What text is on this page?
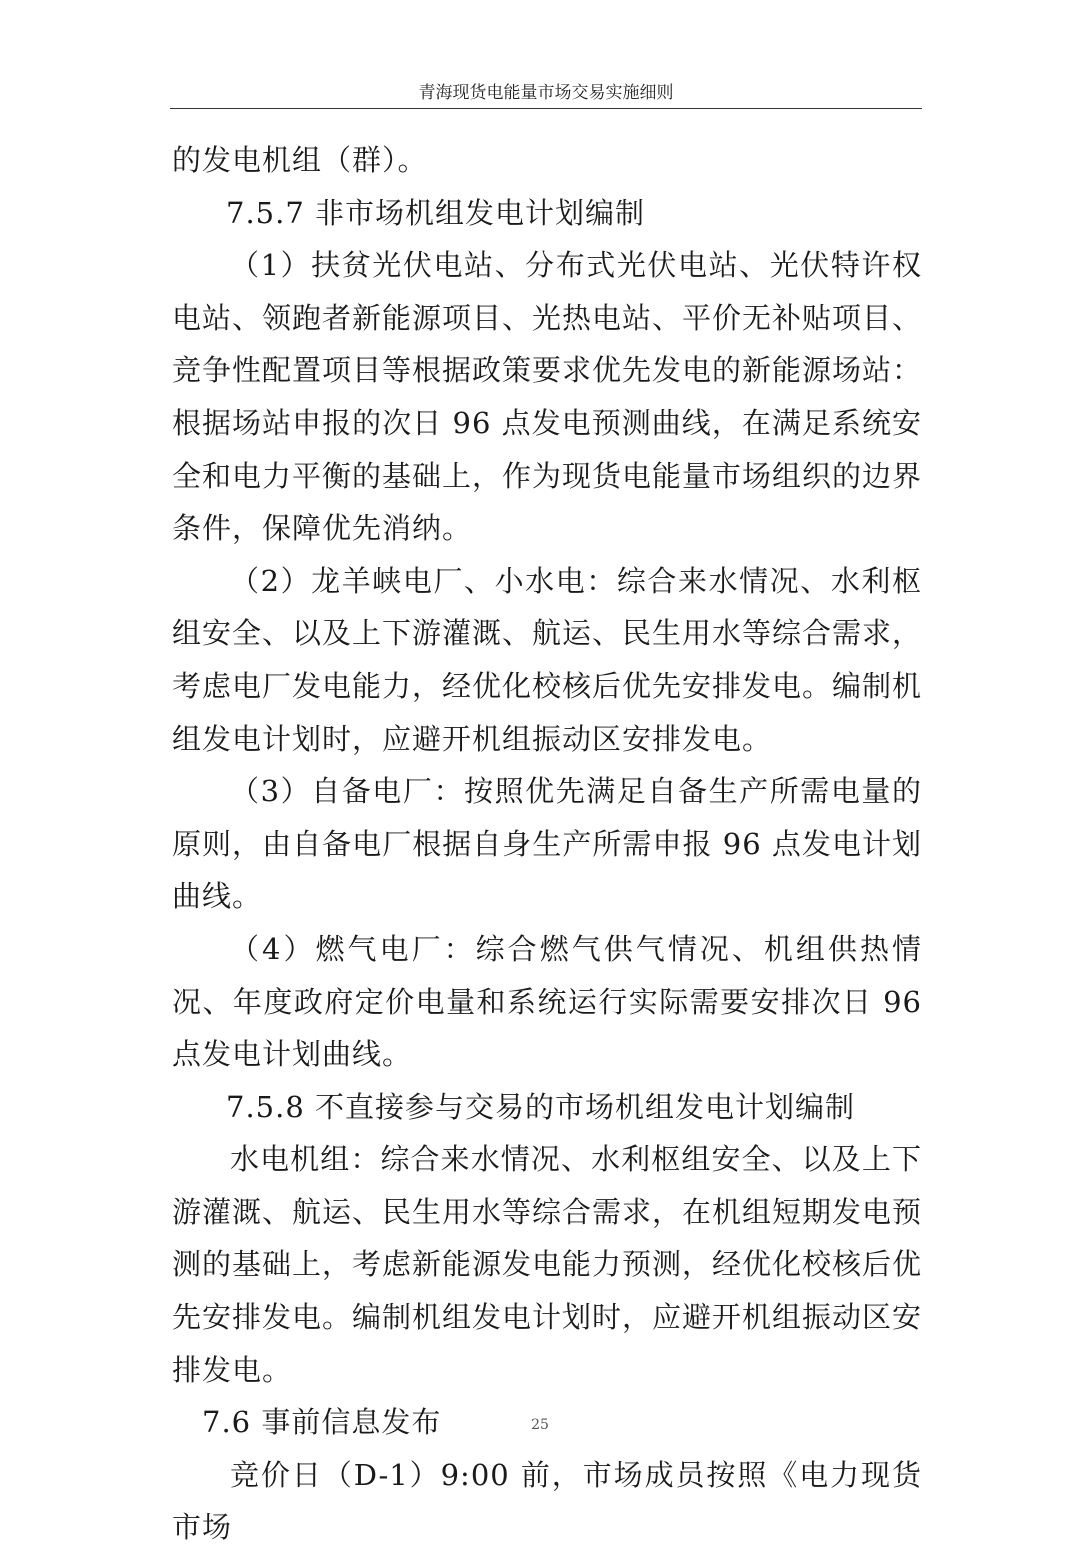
青海现货电能量市场交易实施细则

的发电机组（群）。

7.5.7 非市场机组发电计划编制

（1）扶贫光伏电站、分布式光伏电站、光伏特许权电站、领跑者新能源项目、光热电站、平价无补贴项目、竞争性配置项目等根据政策要求优先发电的新能源场站：根据场站申报的次日 96 点发电预测曲线，在满足系统安全和电力平衡的基础上，作为现货电能量市场组织的边界条件，保障优先消纳。

（2）龙羊峡电厂、小水电：综合来水情况、水利枢组安全、以及上下游灌溉、航运、民生用水等综合需求，考虑电厂发电能力，经优化校核后优先安排发电。编制机组发电计划时，应避开机组振动区安排发电。

（3）自备电厂：按照优先满足自备生产所需电量的原则，由自备电厂根据自身生产所需申报 96 点发电计划曲线。

（4）燃气电厂：综合燃气供气情况、机组供热情况、年度政府定价电量和系统运行实际需要安排次日 96 点发电计划曲线。

7.5.8 不直接参与交易的市场机组发电计划编制

水电机组：综合来水情况、水利枢组安全、以及上下游灌溉、航运、民生用水等综合需求，在机组短期发电预测的基础上，考虑新能源发电能力预测，经优化校核后优先安排发电。编制机组发电计划时，应避开机组振动区安排发电。

7.6 事前信息发布

竞价日（D-1）9:00 前，市场成员按照《电力现货市场

25
